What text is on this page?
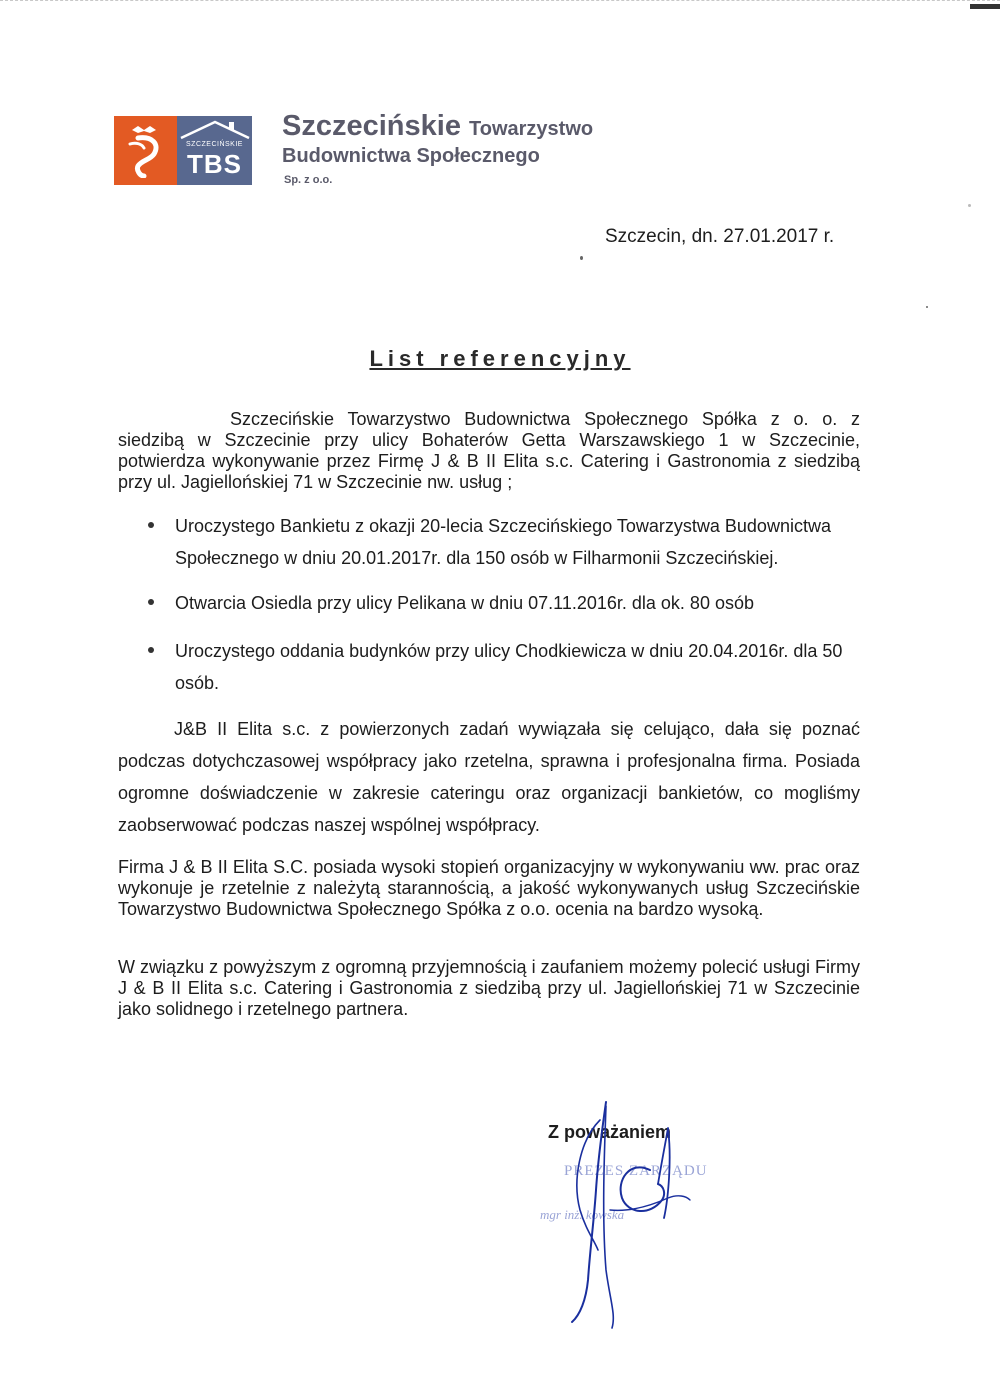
SZCZECIŃSKIE
TBS
Szczecińskie Towarzystwo
Budownictwa Społecznego
Sp. z o.o.
Szczecin, dn. 27.01.2017 r.
List referencyjny
Szczecińskie Towarzystwo Budownictwa Społecznego Spółka z o. o. z siedzibą w Szczecinie przy ulicy Bohaterów Getta Warszawskiego 1 w Szczecinie, potwierdza wykonywanie przez Firmę J & B II Elita s.c. Catering i Gastronomia z siedzibą przy ul. Jagiellońskiej 71 w Szczecinie nw. usług ;
Uroczystego Bankietu z okazji 20-lecia Szczecińskiego Towarzystwa Budownictwa Społecznego w dniu 20.01.2017r. dla 150 osób w Filharmonii Szczecińskiej.
Otwarcia Osiedla przy ulicy Pelikana w dniu 07.11.2016r. dla ok. 80 osób
Uroczystego oddania budynków przy ulicy Chodkiewicza w dniu 20.04.2016r. dla 50 osób.
J&B II Elita s.c. z powierzonych zadań wywiązała się celująco, dała się poznać podczas dotychczasowej współpracy jako rzetelna, sprawna i profesjonalna firma. Posiada ogromne doświadczenie w zakresie cateringu oraz organizacji bankietów, co mogliśmy zaobserwować podczas naszej wspólnej współpracy.
Firma J & B II Elita S.C. posiada wysoki stopień organizacyjny w wykonywaniu ww. prac oraz wykonuje je rzetelnie z należytą starannością, a jakość wykonywanych usług Szczecińskie Towarzystwo Budownictwa Społecznego Spółka z o.o. ocenia na bardzo wysoką.
W związku z powyższym z ogromną przyjemnością i zaufaniem możemy polecić usługi Firmy J & B II Elita s.c. Catering i Gastronomia z siedzibą przy ul. Jagiellońskiej 71 w Szczecinie jako solidnego i rzetelnego partnera.
Z poważaniem
PREZES ZARZĄDU
mgr inż. kowska
